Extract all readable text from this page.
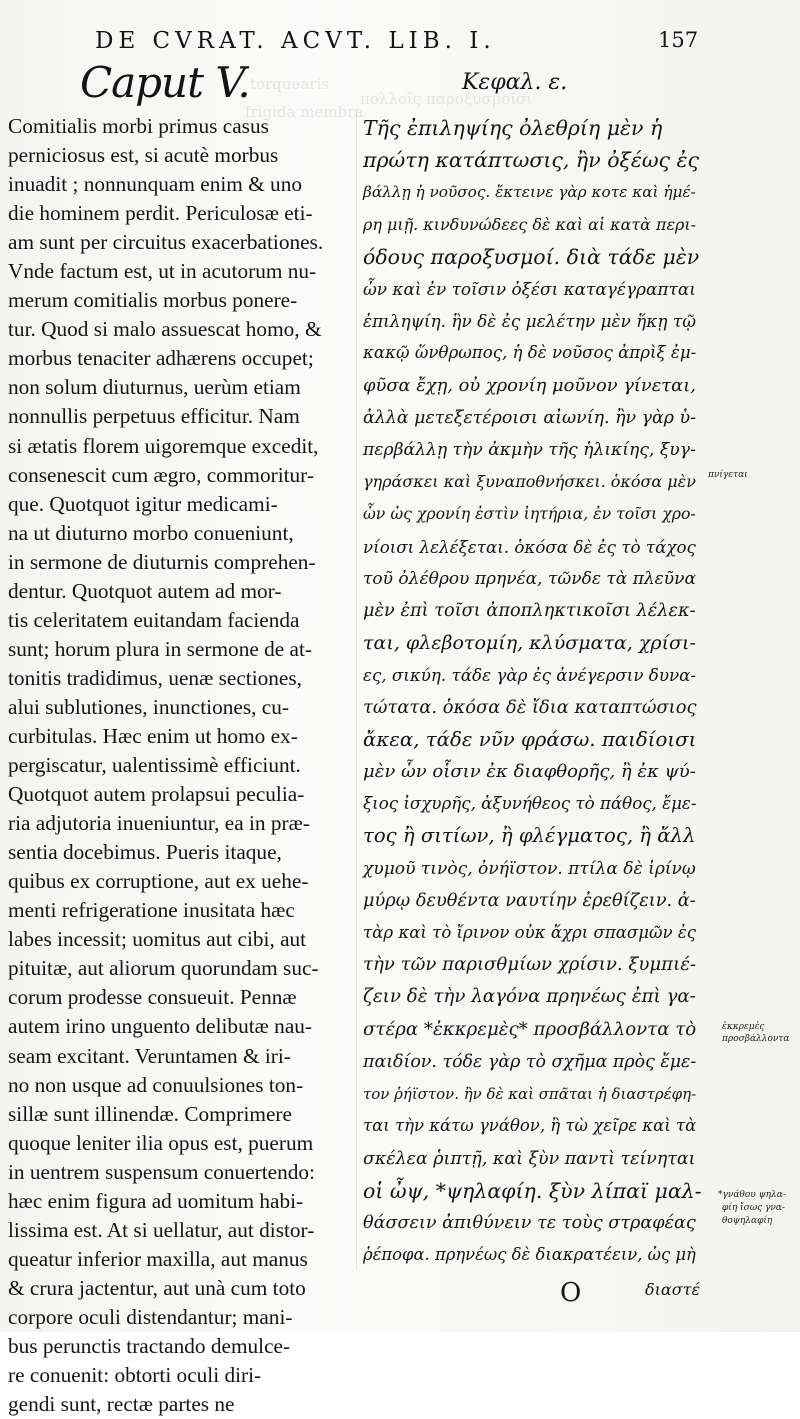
torquearis
frigida membra
πολλοῖς παροξυσμοῖσι
DE CVRAT. ACVT. LIB. I.	157
Caput V.	Κεφαλ. ε.
Comitialis morbi primus casus
perniciosus est, si acutè morbus
inuadit ; nonnunquam enim & uno
die hominem perdit. Periculosæ eti-
am sunt per circuitus exacerbationes.
Vnde factum est, ut in acutorum nu-
merum comitialis morbus ponere-
tur. Quod si malo assuescat homo, &
morbus tenaciter adhærens occupet;
non solum diuturnus, uerùm etiam
nonnullis perpetuus efficitur. Nam
si ætatis florem uigoremque excedit,
consenescit cum ægro, commoritur-
que. Quotquot igitur medicami-
na ut diuturno morbo conueniunt,
in sermone de diuturnis comprehen-
dentur. Quotquot autem ad mor-
tis celeritatem euitandam facienda
sunt; horum plura in sermone de at-
tonitis tradidimus, uenæ sectiones,
alui sublutiones, inunctiones, cu-
curbitulas. Hæc enim ut homo ex-
pergiscatur, ualentissimè efficiunt.
Quotquot autem prolapsui peculia-
ria adjutoria inueniuntur, ea in præ-
sentia docebimus. Pueris itaque,
quibus ex corruptione, aut ex uehe-
menti refrigeratione inusitata hæc
labes incessit; uomitus aut cibi, aut
pituitæ, aut aliorum quorundam suc-
corum prodesse consueuit. Pennæ
autem irino unguento delibutæ nau-
seam excitant. Veruntamen & iri-
no non usque ad conuulsiones ton-
sillæ sunt illinendæ. Comprimere
quoque leniter ilia opus est, puerum
in uentrem suspensum conuertendo:
hæc enim figura ad uomitum habi-
lissima est. At si uellatur, aut distor-
queatur inferior maxilla, aut manus
& crura jactentur, aut unà cum toto
corpore oculi distendantur; mani-
bus perunctis tractando demulce-
re conuenit: obtorti oculi diri-
gendi sunt, rectæ partes ne
Τῆς ἐπιληψίης ὀλεθρίη μὲν ἡ
πρώτη κατάπτωσις, ἢν ὀξέως ἐς
βάλλῃ ἡ νοῦσος. ἔκτεινε γὰρ κοτε καὶ ἡμέ-
ρη μιῇ. κινδυνώδεες δὲ καὶ αἱ κατὰ περι-
όδους παροξυσμοί. διὰ τάδε μὲν
ὧν καὶ ἐν τοῖσιν ὀξέσι καταγέγραπται
ἐπιληψίη. ἣν δὲ ἐς μελέτην μὲν ἥκῃ τῷ
κακῷ ὥνθρωπος, ἡ δὲ νοῦσος ἀπρὶξ ἐμ-
φῦσα ἔχῃ, οὐ χρονίη μοῦνον γίνεται,
ἀλλὰ μετεξετέροισι αἰωνίη. ἢν γὰρ ὑ-
περβάλλῃ τὴν ἀκμὴν τῆς ἡλικίης, ξυγ-
γηράσκει καὶ ξυναποθνήσκει. ὁκόσα μὲν
ὧν ὡς χρονίη ἐστὶν ἰητήρια, ἐν τοῖσι χρο-
νίοισι λελέξεται. ὁκόσα δὲ ἐς τὸ τάχος
τοῦ ὀλέθρου πρηνέα, τῶνδε τὰ πλεῦνα
μὲν ἐπὶ τοῖσι ἀποπληκτικοῖσι λέλεκ-
ται, φλεβοτομίη, κλύσματα, χρίσι-
ες, σικύη. τάδε γὰρ ἐς ἀνέγερσιν δυνα-
τώτατα. ὁκόσα δὲ ἴδια καταπτώσιος
ἄκεα, τάδε νῦν φράσω. παιδίοισι
μὲν ὧν οἷσιν ἐκ διαφθορῆς, ἢ ἐκ ψύ-
ξιος ἰσχυρῆς, ἀξυνήθεος τὸ πάθος, ἔμε-
τος ἢ σιτίων, ἢ φλέγματος, ἢ ἄλλ
χυμοῦ τινὸς, ὀνήϊστον. πτίλα δὲ ἰρίνῳ
μύρῳ δευθέντα ναυτίην ἐρεθίζειν. ἀ-
τὰρ καὶ τὸ ἴρινον οὐκ ἄχρι σπασμῶν ἐς
τὴν τῶν παρισθμίων χρίσιν. ξυμπιέ-
ζειν δὲ τὴν λαγόνα πρηνέως ἐπὶ γα-
στέρα *ἐκκρεμὲς* προσβάλλοντα τὸ
παιδίον. τόδε γὰρ τὸ σχῆμα πρὸς ἔμε-
τον ῥήϊστον. ἢν δὲ καὶ σπᾶται ἡ διαστρέφη-
ται τὴν κάτω γνάθον, ἢ τὼ χεῖρε καὶ τὰ
σκέλεα ῥιπτῇ, καὶ ξὺν παντὶ τείνηται
οἱ ὦψ, *ψηλαφίη. ξὺν λίπαϊ μαλ-
θάσσειν ἀπιθύνειν τε τοὺς στραφέας
ῥέποφα. πρηνέως δὲ διακρατέειν, ὡς μὴ
πνίγεται
ἐκκρεμὲς
προσβάλλοντα
*γνάθου ψηλα-
φίη ἴσως γνα-
θοψηλαφίη
O	διαστέ
